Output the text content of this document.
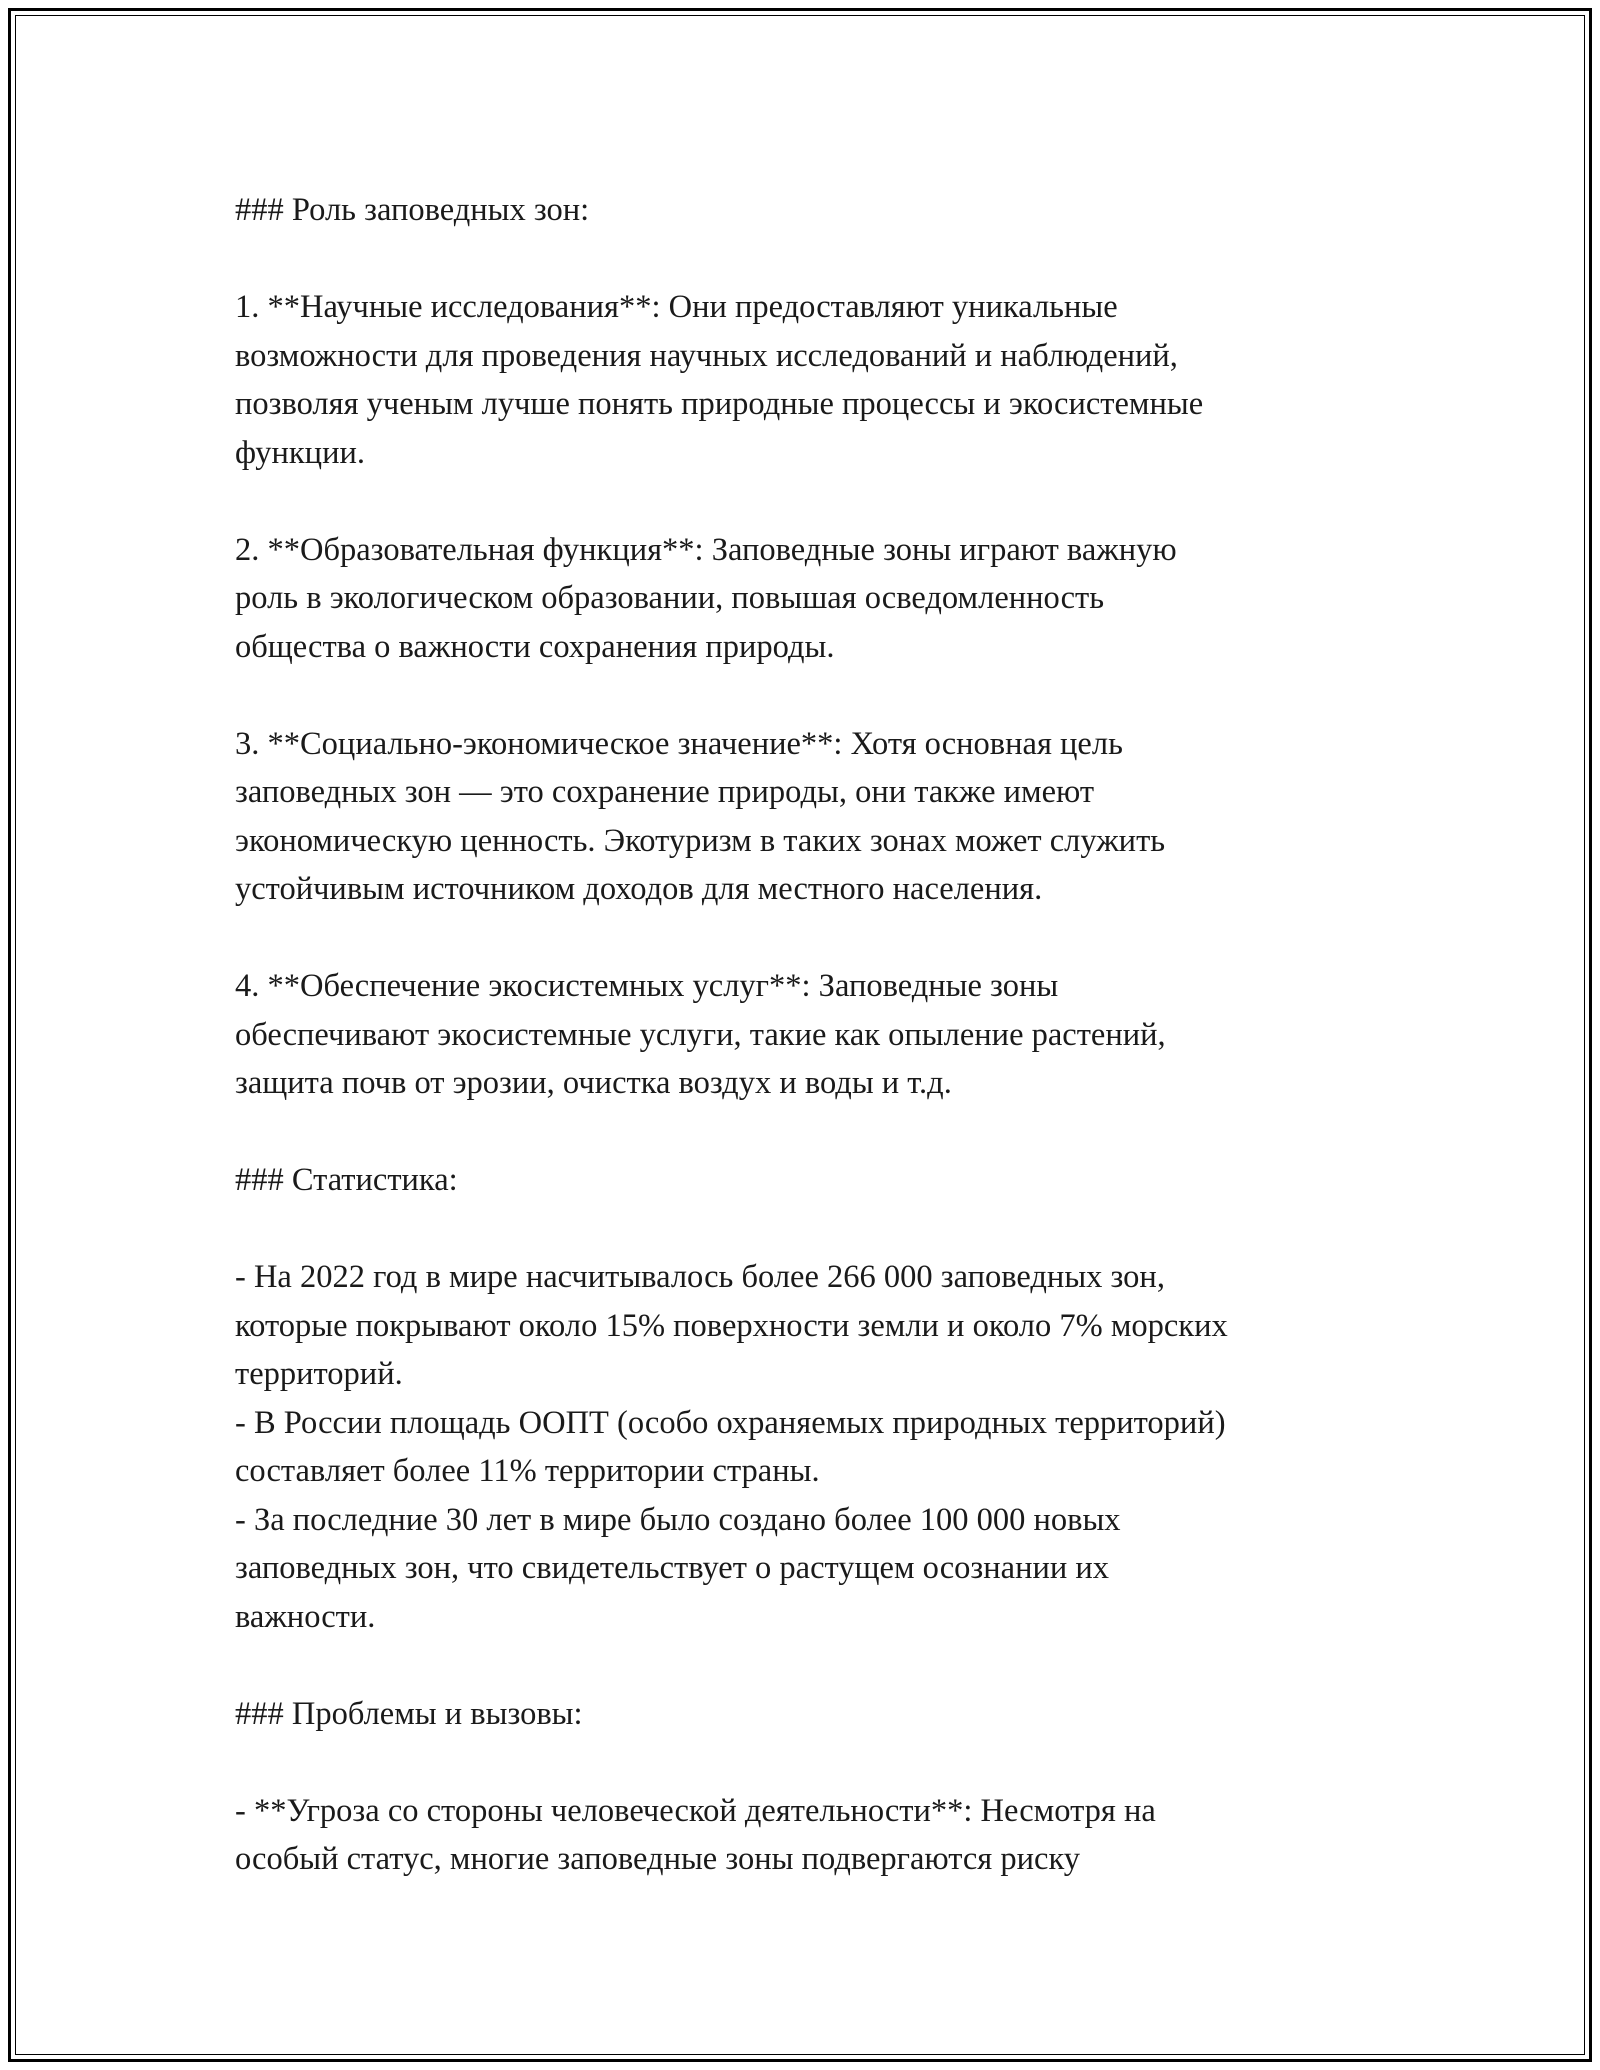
### Роль заповедных зон:
1. **Научные исследования**: Они предоставляют уникальные
возможности для проведения научных исследований и наблюдений,
позволяя ученым лучше понять природные процессы и экосистемные
функции.
2. **Образовательная функция**: Заповедные зоны играют важную
роль в экологическом образовании, повышая осведомленность
общества о важности сохранения природы.
3. **Социально-экономическое значение**: Хотя основная цель
заповедных зон — это сохранение природы, они также имеют
экономическую ценность. Экотуризм в таких зонах может служить
устойчивым источником доходов для местного населения.
4. **Обеспечение экосистемных услуг**: Заповедные зоны
обеспечивают экосистемные услуги, такие как опыление растений,
защита почв от эрозии, очистка воздух и воды и т.д.
### Статистика:
- На 2022 год в мире насчитывалось более 266 000 заповедных зон,
которые покрывают около 15% поверхности земли и около 7% морских
территорий.
- В России площадь ООПТ (особо охраняемых природных территорий)
составляет более 11% территории страны.
- За последние 30 лет в мире было создано более 100 000 новых
заповедных зон, что свидетельствует о растущем осознании их
важности.
### Проблемы и вызовы:
- **Угроза со стороны человеческой деятельности**: Несмотря на
особый статус, многие заповедные зоны подвергаются риску
